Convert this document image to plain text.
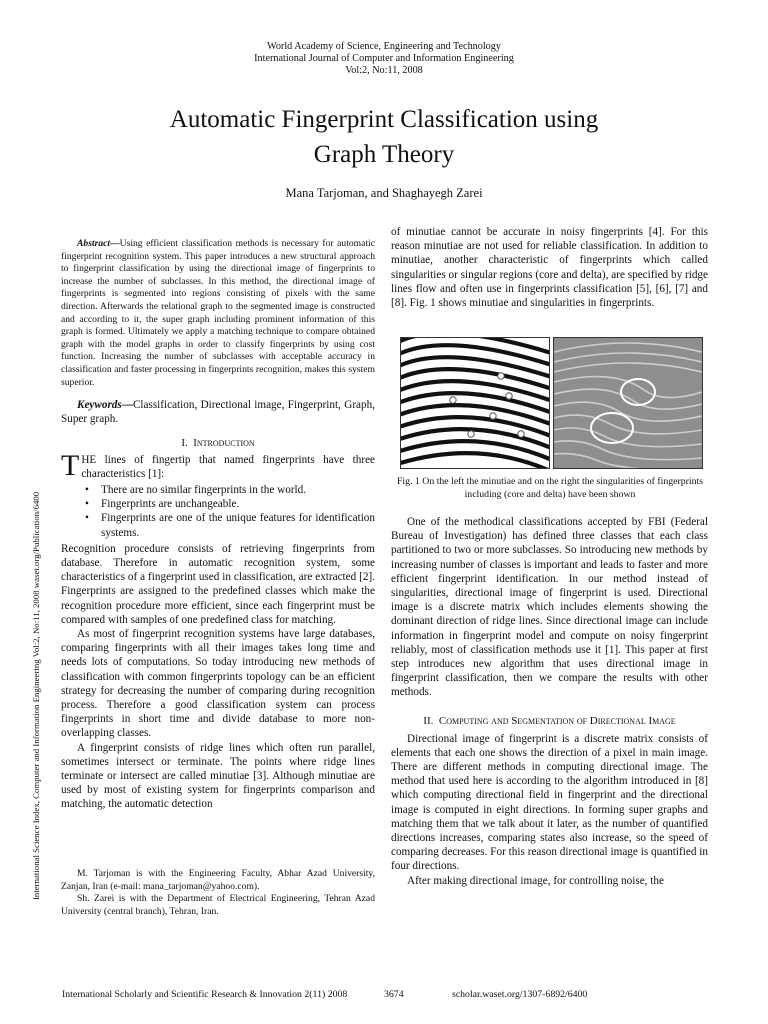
World Academy of Science, Engineering and Technology
International Journal of Computer and Information Engineering
Vol:2, No:11, 2008
Automatic Fingerprint Classification using
Graph Theory
Mana Tarjoman, and Shaghayegh Zarei
International Science Index, Computer and Information Engineering Vol:2, No:11, 2008 waset.org/Publication/6400

Abstract—Using efficient classification methods is necessary for automatic fingerprint recognition system. This paper introduces a new structural approach to fingerprint classification by using the directional image of fingerprints to increase the number of subclasses. In this method, the directional image of fingerprints is segmented into regions consisting of pixels with the same direction. Afterwards the relational graph to the segmented image is constructed and according to it, the super graph including prominent information of this graph is formed. Ultimately we apply a matching technique to compare obtained graph with the model graphs in order to classify fingerprints by using cost function. Increasing the number of subclasses with acceptable accuracy in classification and faster processing in fingerprints recognition, makes this system superior.

Keywords—Classification, Directional image, Fingerprint, Graph, Super graph.

I. Introduction

THE lines of fingertip that named fingerprints have three characteristics [1]:

• There are no similar fingerprints in the world.
• Fingerprints are unchangeable.
• Fingerprints are one of the unique features for identification systems.

Recognition procedure consists of retrieving fingerprints from database. Therefore in automatic recognition system, some characteristics of a fingerprint used in classification, are extracted [2]. Fingerprints are assigned to the predefined classes which make the recognition procedure more efficient, since each fingerprint must be compared with samples of one predefined class for matching.

As most of fingerprint recognition systems have large databases, comparing fingerprints with all their images takes long time and needs lots of computations. So today introducing new methods of classification with common fingerprints topology can be an efficient strategy for decreasing the number of comparing during recognition process. Therefore a good classification system can process fingerprints in short time and divide database to more non-overlapping classes.

A fingerprint consists of ridge lines which often run parallel, sometimes intersect or terminate. The points where ridge lines terminate or intersect are called minutiae [3]. Although minutiae are used by most of existing system for fingerprints comparison and matching, the automatic detection

M. Tarjoman is with the Engineering Faculty, Abhar Azad University, Zanjan, Iran (e-mail: mana_tarjoman@yahoo.com).

Sh. Zarei is with the Department of Electrical Engineering, Tehran Azad University (central branch), Tehran, Iran.

of minutiae cannot be accurate in noisy fingerprints [4]. For this reason minutiae are not used for reliable classification. In addition to minutiae, another characteristic of fingerprints which called singularities or singular regions (core and delta), are specified by ridge lines flow and often use in fingerprints classification [5], [6], [7] and [8]. Fig. 1 shows minutiae and singularities in fingerprints.

Fig. 1 On the left the minutiae and on the right the singularities of fingerprints including (core and delta) have been shown

One of the methodical classifications accepted by FBI (Federal Bureau of Investigation) has defined three classes that each class partitioned to two or more subclasses. So introducing new methods by increasing number of classes is important and leads to faster and more efficient fingerprint identification. In our method instead of singularities, directional image of fingerprint is used. Directional image is a discrete matrix which includes elements showing the dominant direction of ridge lines. Since directional image can include information in fingerprint model and compute on noisy fingerprint reliably, most of classification methods use it [1]. This paper at first step introduces new algorithm that uses directional image in fingerprint classification, then we compare the results with other methods.

II. Computing and Segmentation of Directional Image

Directional image of fingerprint is a discrete matrix consists of elements that each one shows the direction of a pixel in main image. There are different methods in computing directional image. The method that used here is according to the algorithm introduced in [8] which computing directional field in fingerprint and the directional image is computed in eight directions. In forming super graphs and matching them that we talk about it later, as the number of quantified directions increases, comparing states also increase, so the speed of comparing decreases. For this reason directional image is quantified in four directions.

After making directional image, for controlling noise, the

International Scholarly and Scientific Research & Innovation 2(11) 2008	3674	scholar.waset.org/1307-6892/6400
